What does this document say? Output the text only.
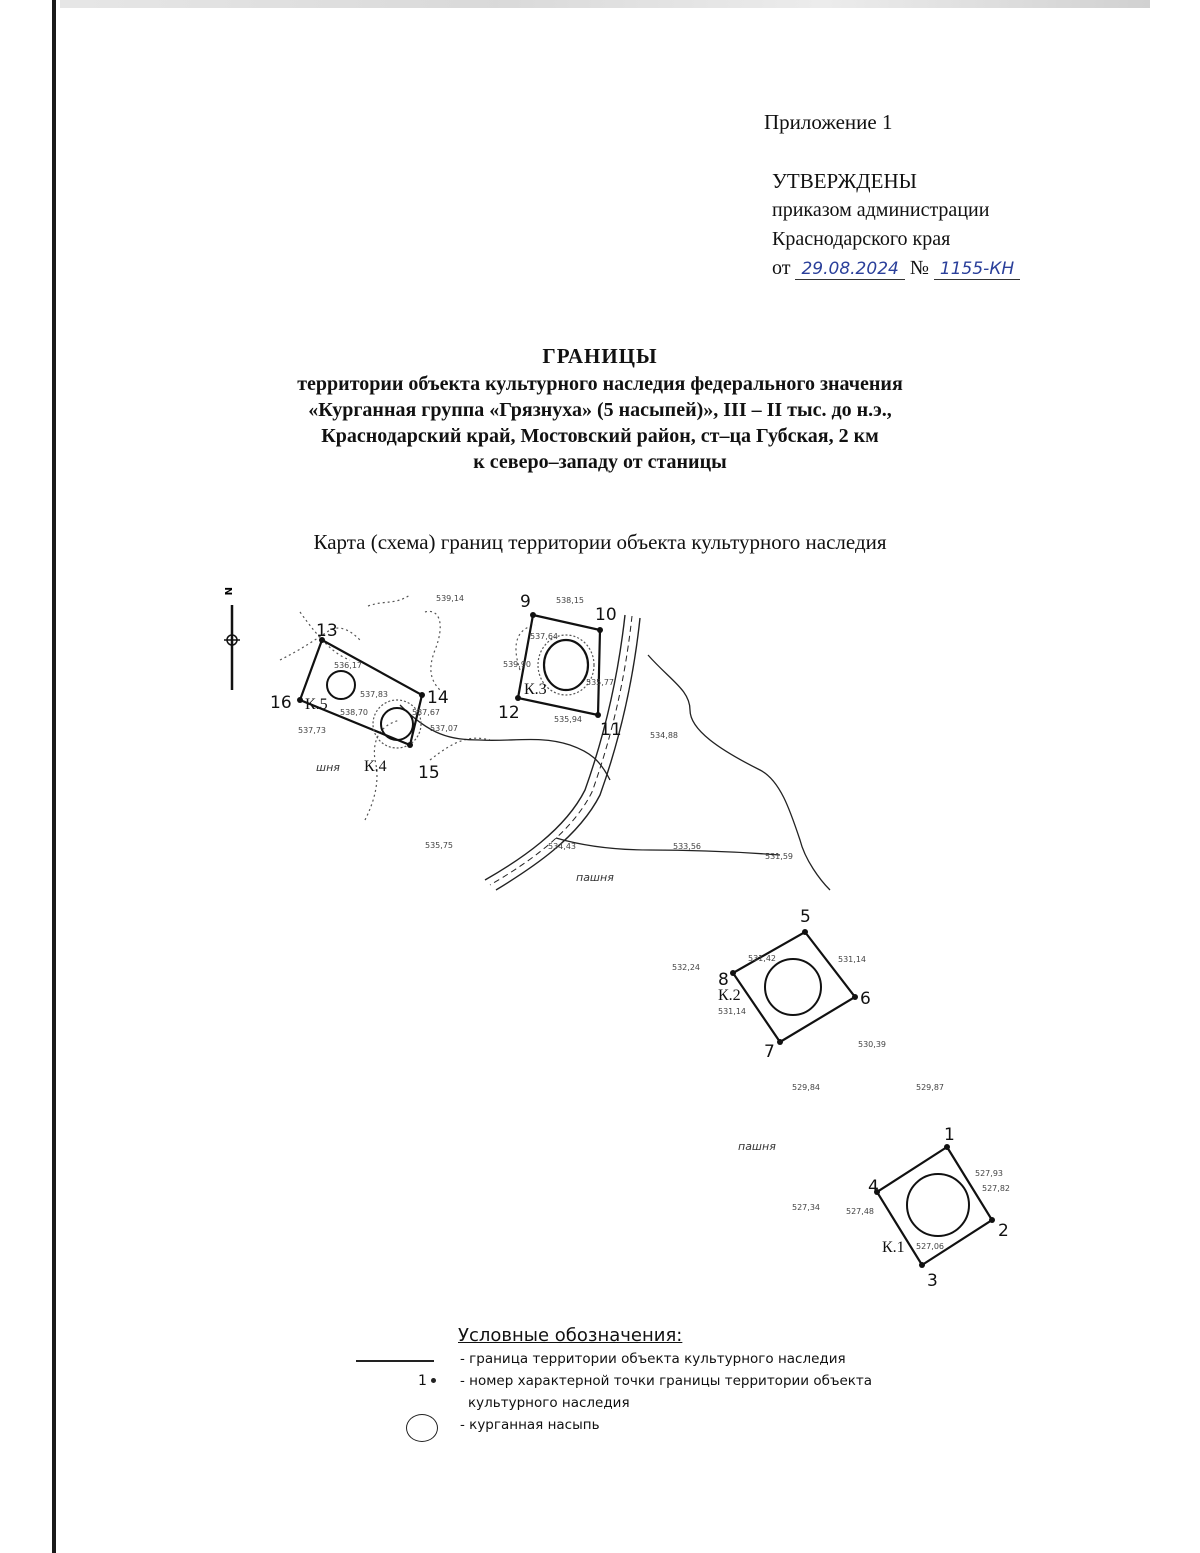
Приложение 1
УТВЕРЖДЕНЫ
приказом администрации
Краснодарского края
от 29.08.2024 № 1155-КН
ГРАНИЦЫ
территории объекта культурного наследия федерального значения
«Курганная группа «Грязнуха» (5 насыпей)», III – II тыс. до н.э.,
Краснодарский край, Мостовский район, ст–ца Губская, 2 км
к северо–западу от станицы
Карта (схема) границ территории объекта культурного наследия
1
2
3
4
5
6
7
8
9
10
11
12
13
14
15
16
К.1
К.2
К.3
К.4
К.5
539,14	538,15
537,64
539,90
535,77
535,94
536,17
537,83
538,70	537,67
537,07
537,73
534,88
535,75	534,43	533,56
531,59
532,24
531,42	531,14
531,14
530,39
529,84	529,87
527,93
527,82
527,48
527,06
527,34
пашня
пашня
шня
N
Условные обозначения:
- граница территории объекта культурного наследия
1	- номер характерной точки границы территории объекта
культурного наследия
- курганная насыпь
